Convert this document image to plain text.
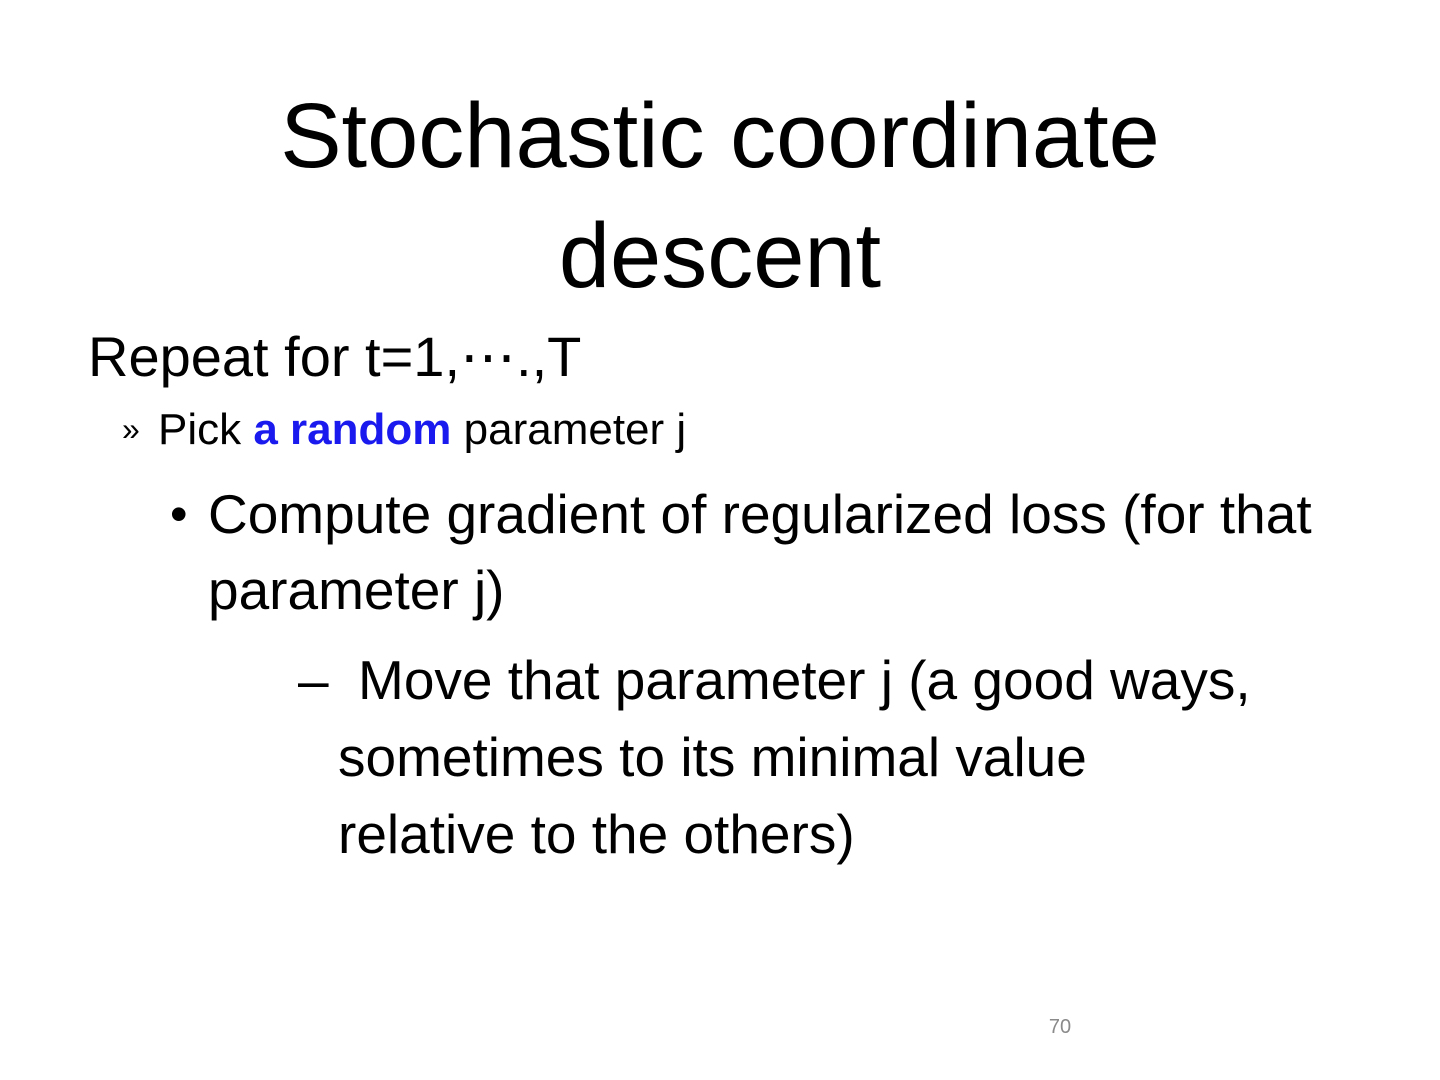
Stochastic coordinate
descent
Repeat for t=1,⋯.,T
» Pick a random parameter j
• Compute gradient of regularized loss (for that parameter j)
– Move that parameter j (a good ways, sometimes to its minimal value relative to the others)
70
